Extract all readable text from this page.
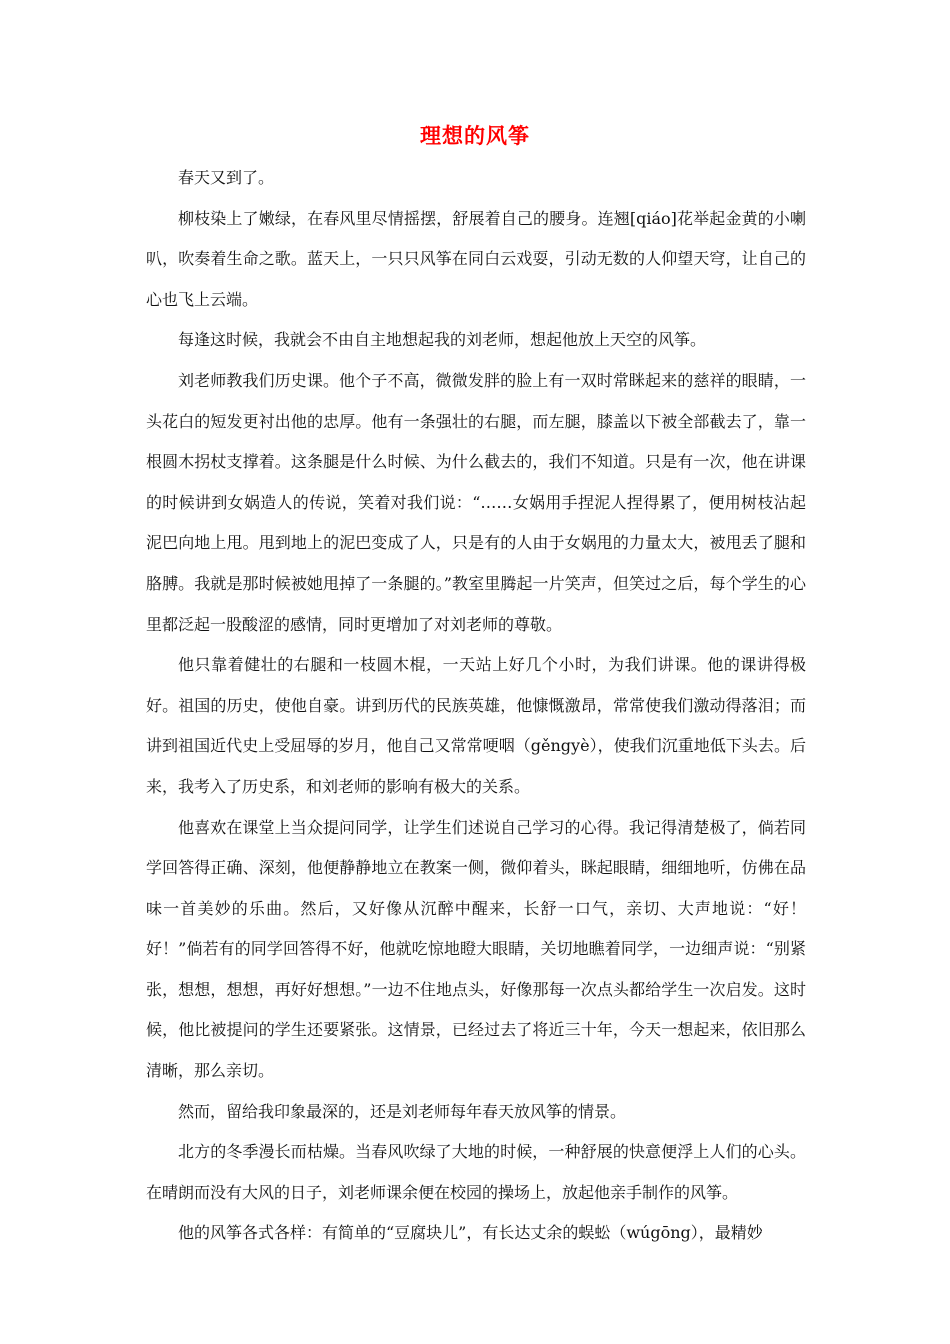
理想的风筝

春天又到了。

柳枝染上了嫩绿，在春风里尽情摇摆，舒展着自己的腰身。连翘[qiáo]花举起金黄的小喇叭，吹奏着生命之歌。蓝天上，一只只风筝在同白云戏耍，引动无数的人仰望天穹，让自己的心也飞上云端。

每逢这时候，我就会不由自主地想起我的刘老师，想起他放上天空的风筝。

刘老师教我们历史课。他个子不高，微微发胖的脸上有一双时常眯起来的慈祥的眼睛，一头花白的短发更衬出他的忠厚。他有一条强壮的右腿，而左腿，膝盖以下被全部截去了，靠一根圆木拐杖支撑着。这条腿是什么时候、为什么截去的，我们不知道。只是有一次，他在讲课的时候讲到女娲造人的传说，笑着对我们说：“……女娲用手捏泥人捏得累了，便用树枝沾起泥巴向地上甩。甩到地上的泥巴变成了人，只是有的人由于女娲甩的力量太大，被甩丢了腿和胳膊。我就是那时候被她甩掉了一条腿的。”教室里腾起一片笑声，但笑过之后，每个学生的心里都泛起一股酸涩的感情，同时更增加了对刘老师的尊敬。

他只靠着健壮的右腿和一枝圆木棍，一天站上好几个小时，为我们讲课。他的课讲得极好。祖国的历史，使他自豪。讲到历代的民族英雄，他慷慨激昂，常常使我们激动得落泪；而讲到祖国近代史上受屈辱的岁月，他自己又常常哽咽（gěngyè），使我们沉重地低下头去。后来，我考入了历史系，和刘老师的影响有极大的关系。

他喜欢在课堂上当众提问同学，让学生们述说自己学习的心得。我记得清楚极了，倘若同学回答得正确、深刻，他便静静地立在教案一侧，微仰着头，眯起眼睛，细细地听，仿佛在品味一首美妙的乐曲。然后，又好像从沉醉中醒来，长舒一口气，亲切、大声地说：“好！好！”倘若有的同学回答得不好，他就吃惊地瞪大眼睛，关切地瞧着同学，一边细声说：“别紧张，想想，想想，再好好想想。”一边不住地点头，好像那每一次点头都给学生一次启发。这时候，他比被提问的学生还要紧张。这情景，已经过去了将近三十年，今天一想起来，依旧那么清晰，那么亲切。

然而，留给我印象最深的，还是刘老师每年春天放风筝的情景。

北方的冬季漫长而枯燥。当春风吹绿了大地的时候，一种舒展的快意便浮上人们的心头。在晴朗而没有大风的日子，刘老师课余便在校园的操场上，放起他亲手制作的风筝。

他的风筝各式各样：有简单的“豆腐块儿”，有长达丈余的蜈蚣（wúgōng），最精妙
